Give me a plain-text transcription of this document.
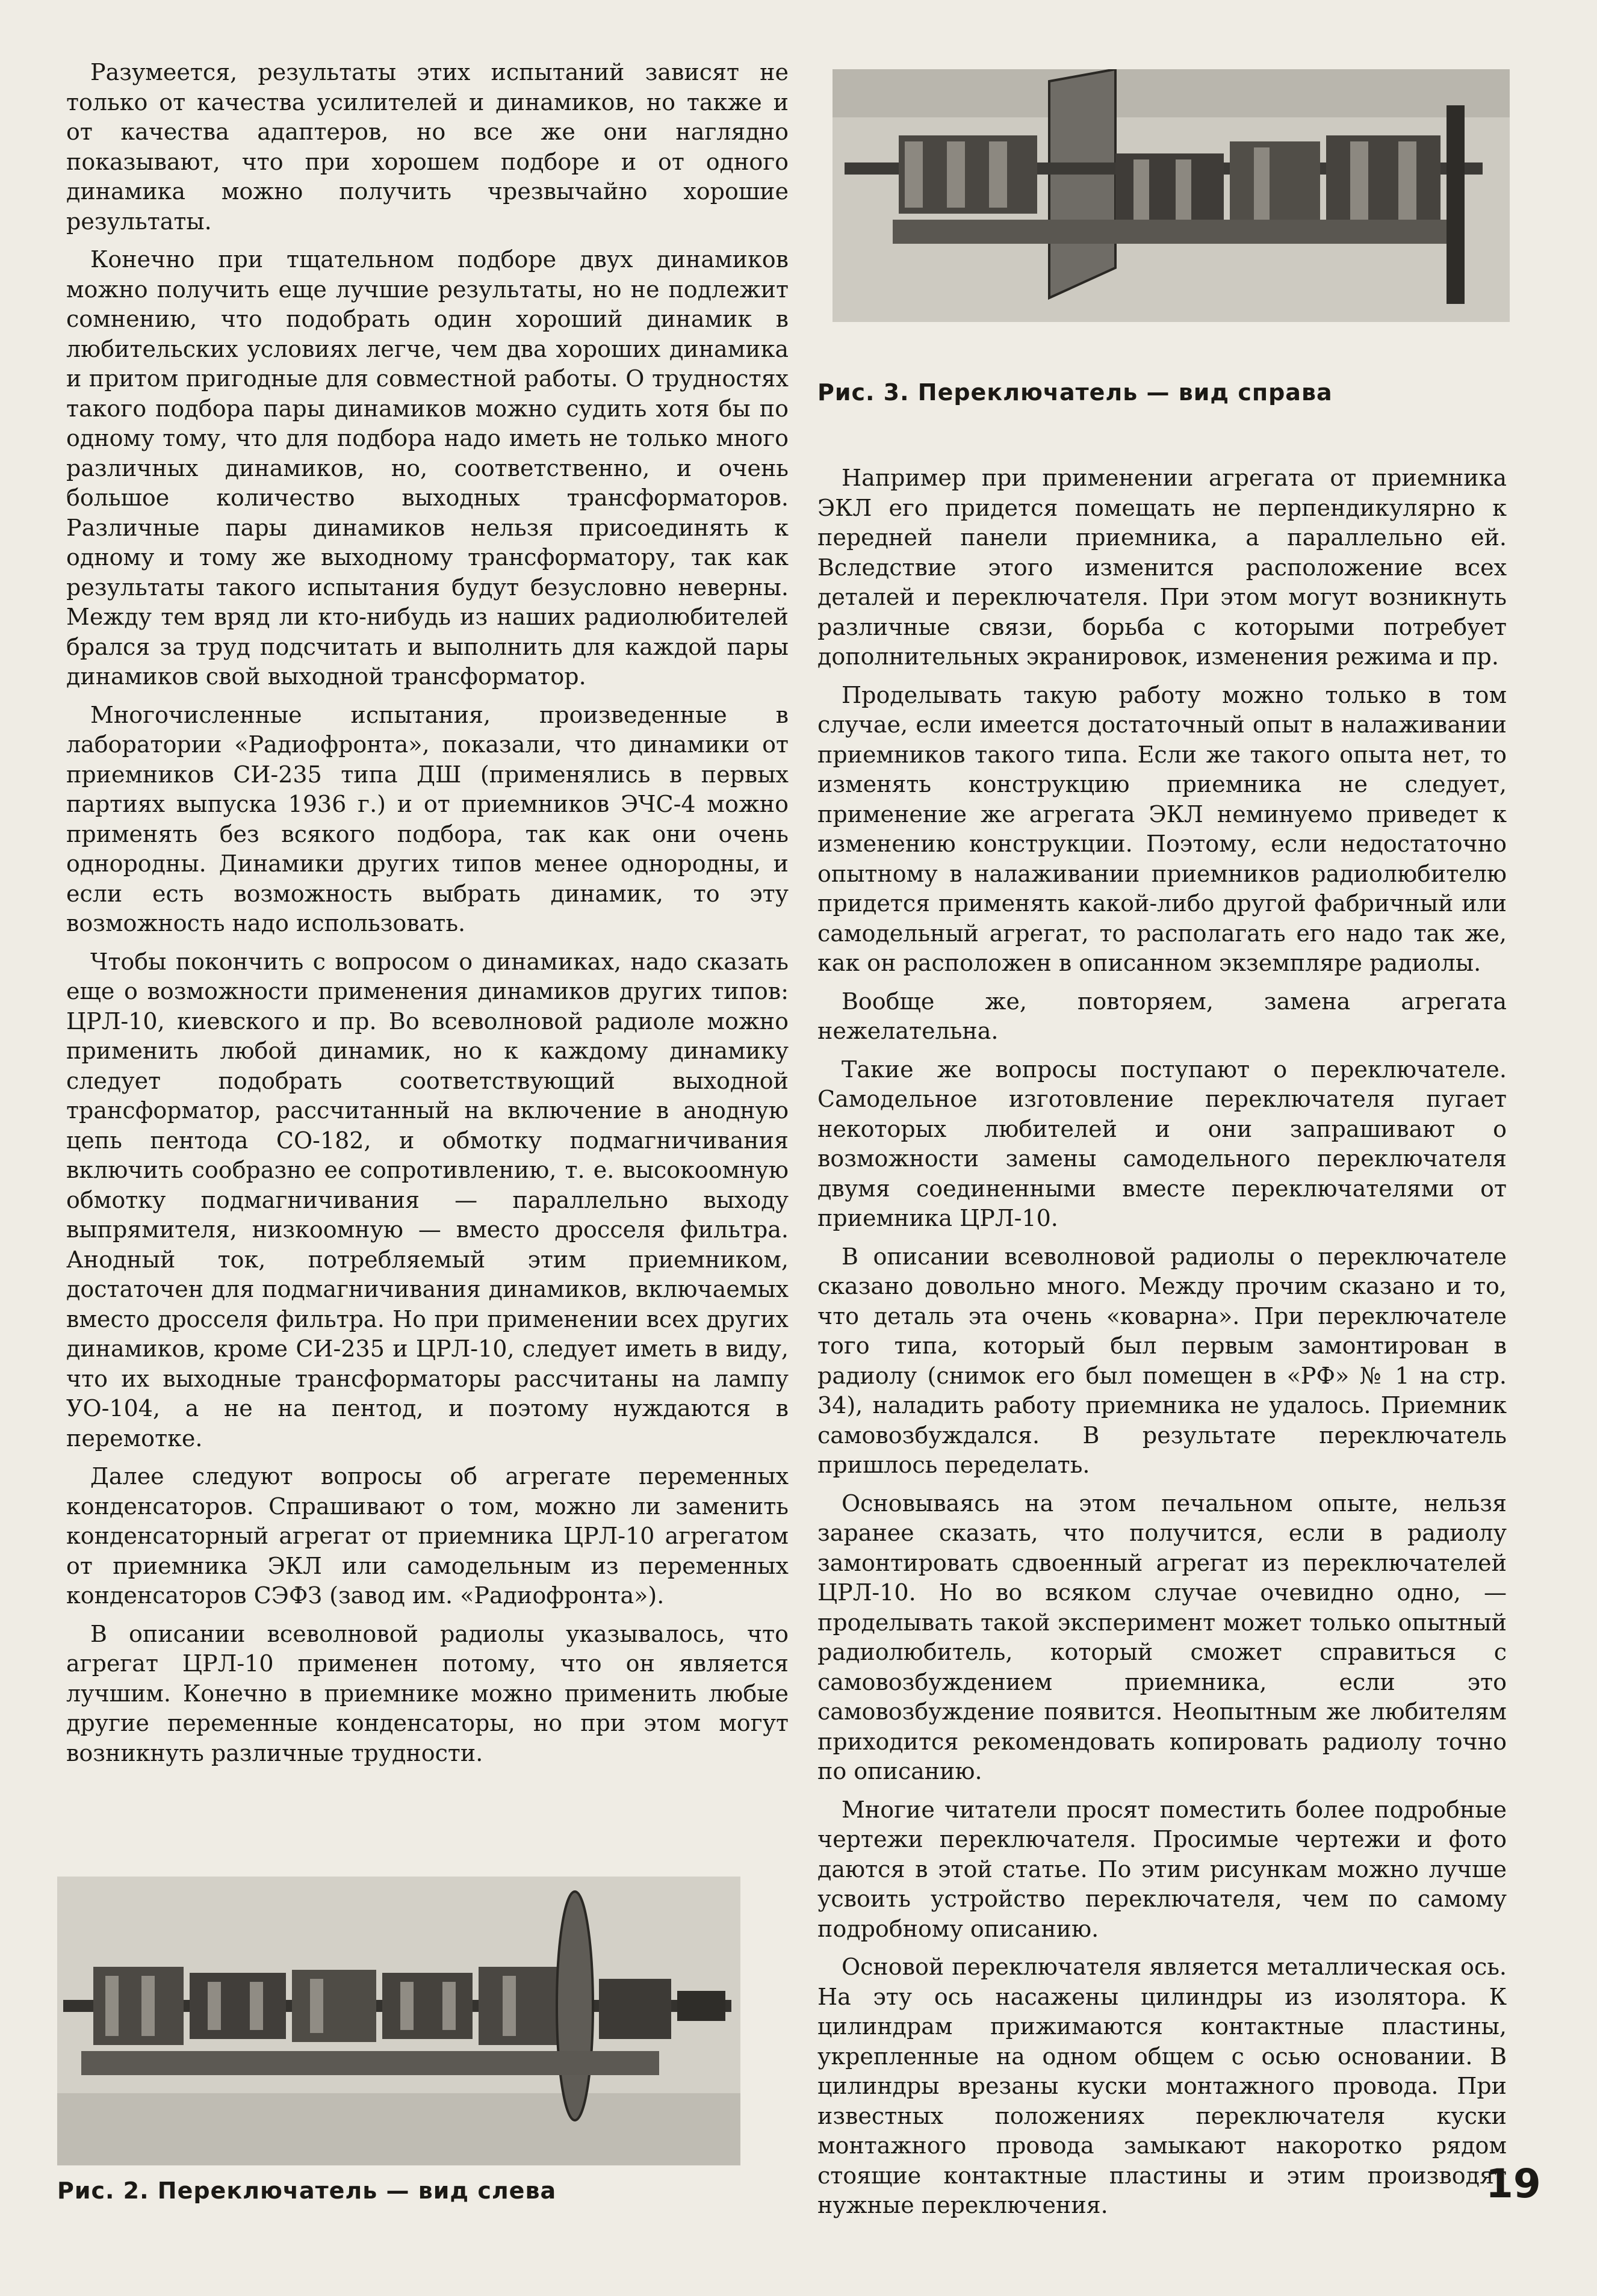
Рис. 3. Переключатель — вид справа

Разумеется, результаты этих испытаний зависят не только от качества усилителей и динамиков, но также и от качества адаптеров, но все же они наглядно показывают, что при хорошем подборе и от одного динамика можно получить чрезвычайно хорошие результаты.

Конечно при тщательном подборе двух динамиков можно получить еще лучшие результаты, но не подлежит сомнению, что подобрать один хороший динамик в любительских условиях легче, чем два хороших динамика и притом пригодные для совместной работы. О трудностях такого подбора пары динамиков можно судить хотя бы по одному тому, что для подбора надо иметь не только много различных динамиков, но, соответственно, и очень большое количество выходных трансформаторов. Различные пары динамиков нельзя присоединять к одному и тому же выходному трансформатору, так как результаты такого испытания будут безусловно неверны. Между тем вряд ли кто-нибудь из наших радиолюбителей брался за труд подсчитать и выполнить для каждой пары динамиков свой выходной трансформатор.

Многочисленные испытания, произведенные в лаборатории «Радиофронта», показали, что динамики от приемников СИ-235 типа ДШ (применялись в первых партиях выпуска 1936 г.) и от приемников ЭЧС-4 можно применять без всякого подбора, так как они очень однородны. Динамики других типов менее однородны, и если есть возможность выбрать динамик, то эту возможность надо использовать.

Чтобы покончить с вопросом о динамиках, надо сказать еще о возможности применения динамиков других типов: ЦРЛ-10, киевского и пр. Во всеволновой радиоле можно применить любой динамик, но к каждому динамику следует подобрать соответствующий выходной трансформатор, рассчитанный на включение в анодную цепь пентода СО-182, и обмотку подмагничивания включить сообразно ее сопротивлению, т. е. высокоомную обмотку подмагничивания — параллельно выходу выпрямителя, низкоомную — вместо дросселя фильтра. Анодный ток, потребляемый этим приемником, достаточен для подмагничивания динамиков, включаемых вместо дросселя фильтра. Но при применении всех других динамиков, кроме СИ-235 и ЦРЛ-10, следует иметь в виду, что их выходные трансформаторы рассчитаны на лампу УО-104, а не на пентод, и поэтому нуждаются в перемотке.

Далее следуют вопросы об агрегате переменных конденсаторов. Спрашивают о том, можно ли заменить конденсаторный агрегат от приемника ЦРЛ-10 агрегатом от приемника ЭКЛ или самодельным из переменных конденсаторов СЭФЗ (завод им. «Радиофронта»).

В описании всеволновой радиолы указывалось, что агрегат ЦРЛ-10 применен потому, что он является лучшим. Конечно в приемнике можно применить любые другие переменные конденсаторы, но при этом могут возникнуть различные трудности.

Например при применении агрегата от приемника ЭКЛ его придется помещать не перпендикулярно к передней панели приемника, а параллельно ей. Вследствие этого изменится расположение всех деталей и переключателя. При этом могут возникнуть различные связи, борьба с которыми потребует дополнительных экранировок, изменения режима и пр.

Проделывать такую работу можно только в том случае, если имеется достаточный опыт в налаживании приемников такого типа. Если же такого опыта нет, то изменять конструкцию приемника не следует, применение же агрегата ЭКЛ неминуемо приведет к изменению конструкции. Поэтому, если недостаточно опытному в налаживании приемников радиолюбителю придется применять какой-либо другой фабричный или самодельный агрегат, то располагать его надо так же, как он расположен в описанном экземпляре радиолы.

Вообще же, повторяем, замена агрегата нежелательна.

Такие же вопросы поступают о переключателе. Самодельное изготовление переключателя пугает некоторых любителей и они запрашивают о возможности замены самодельного переключателя двумя соединенными вместе переключателями от приемника ЦРЛ-10.

В описании всеволновой радиолы о переключателе сказано довольно много. Между прочим сказано и то, что деталь эта очень «коварна». При переключателе того типа, который был первым замонтирован в радиолу (снимок его был помещен в «РФ» № 1 на стр. 34), наладить работу приемника не удалось. Приемник самовозбуждался. В результате переключатель пришлось переделать.

Основываясь на этом печальном опыте, нельзя заранее сказать, что получится, если в радиолу замонтировать сдвоенный агрегат из переключателей ЦРЛ-10. Но во всяком случае очевидно одно, — проделывать такой эксперимент может только опытный радиолюбитель, который сможет справиться с самовозбуждением приемника, если это самовозбуждение появится. Неопытным же любителям приходится рекомендовать копировать радиолу точно по описанию.

Многие читатели просят поместить более подробные чертежи переключателя. Просимые чертежи и фото даются в этой статье. По этим рисункам можно лучше усвоить устройство переключателя, чем по самому подробному описанию.

Основой переключателя является металлическая ось. На эту ось насажены цилиндры из изолятора. К цилиндрам прижимаются контактные пластины, укрепленные на одном общем с осью основании. В цилиндры врезаны куски монтажного провода. При известных положениях переключателя куски монтажного провода замыкают накоротко рядом стоящие контактные пластины и этим производят нужные переключения.

Рис. 2. Переключатель — вид слева	19
